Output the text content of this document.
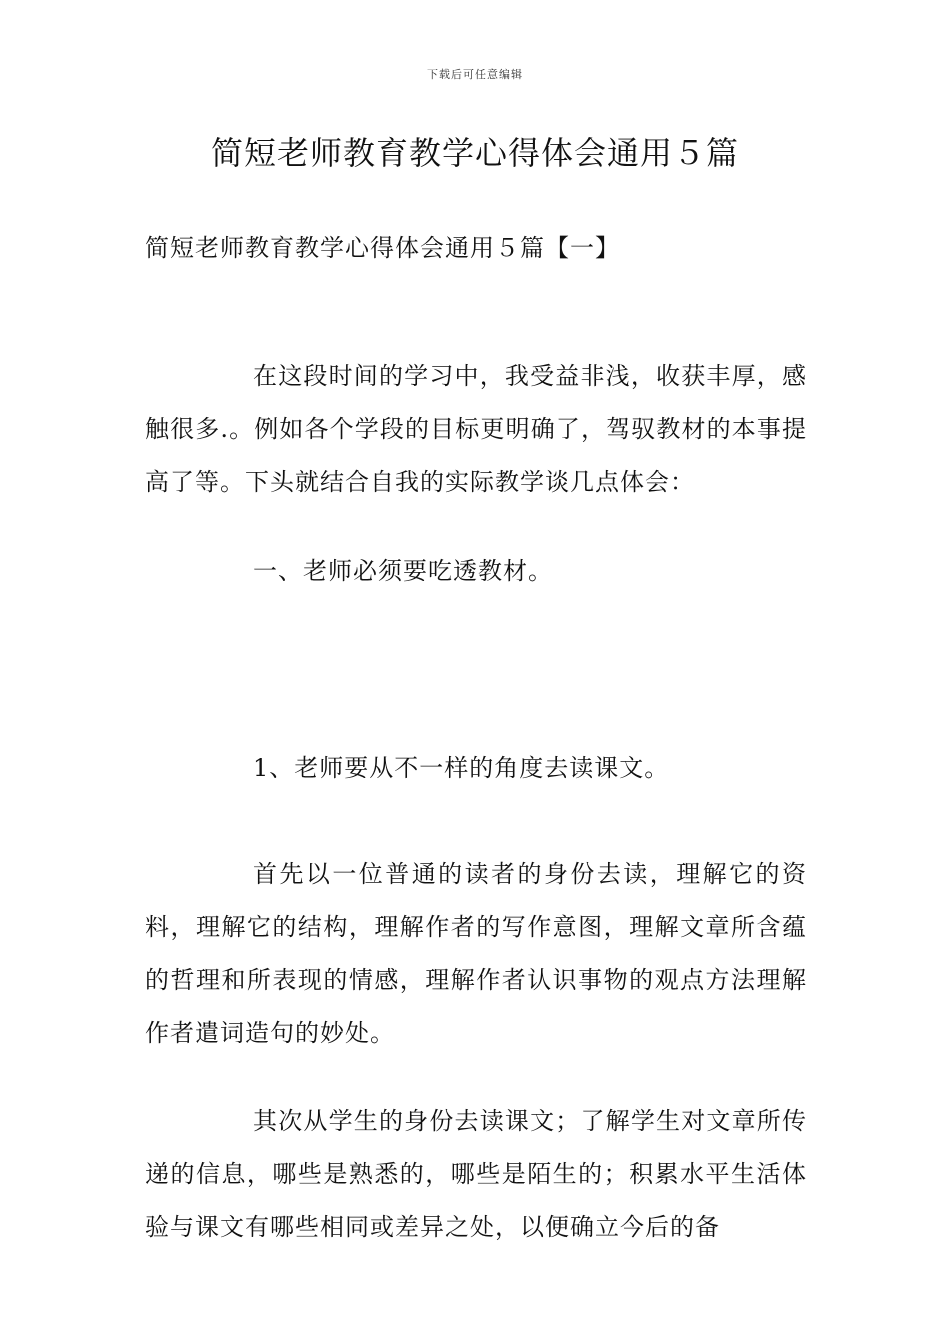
下载后可任意编辑
简短老师教育教学心得体会通用５篇
简短老师教育教学心得体会通用５篇【一】

在这段时间的学习中，我受益非浅，收获丰厚，感触很多.。例如各个学段的目标更明确了，驾驭教材的本事提高了等。下头就结合自我的实际教学谈几点体会：

一、老师必须要吃透教材。

1、老师要从不一样的角度去读课文。

首先以一位普通的读者的身份去读，理解它的资料，理解它的结构，理解作者的写作意图，理解文章所含蕴的哲理和所表现的情感，理解作者认识事物的观点方法理解作者遣词造句的妙处。

其次从学生的身份去读课文；了解学生对文章所传递的信息，哪些是熟悉的，哪些是陌生的；积累水平生活体验与课文有哪些相同或差异之处，以便确立今后的备
